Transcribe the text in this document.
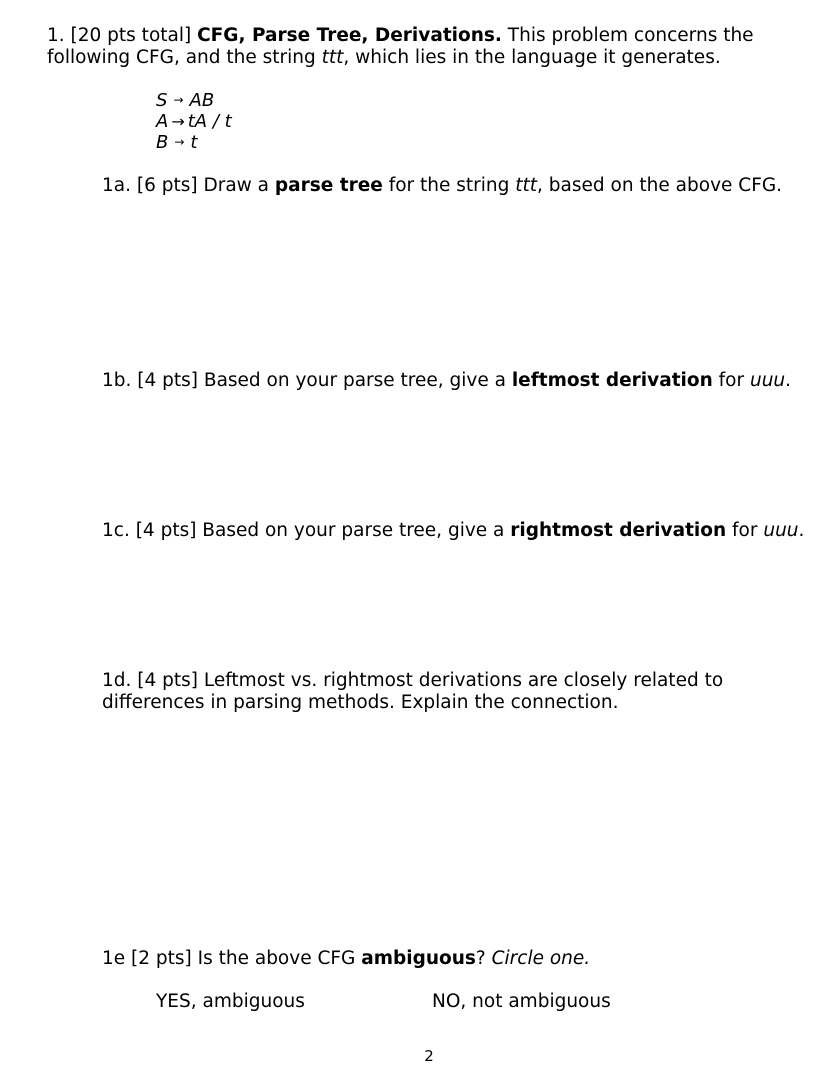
1. [20 pts total] CFG, Parse Tree, Derivations. This problem concerns the
following CFG, and the string ttt, which lies in the language it generates.
S → AB
A → tA / t
B → t
1a. [6 pts] Draw a parse tree for the string ttt, based on the above CFG.
1b. [4 pts] Based on your parse tree, give a leftmost derivation for uuu.
1c. [4 pts] Based on your parse tree, give a rightmost derivation for uuu.
1d. [4 pts] Leftmost vs. rightmost derivations are closely related to
differences in parsing methods. Explain the connection.
1e [2 pts] Is the above CFG ambiguous? Circle one.
YES, ambiguous	NO, not ambiguous
2
